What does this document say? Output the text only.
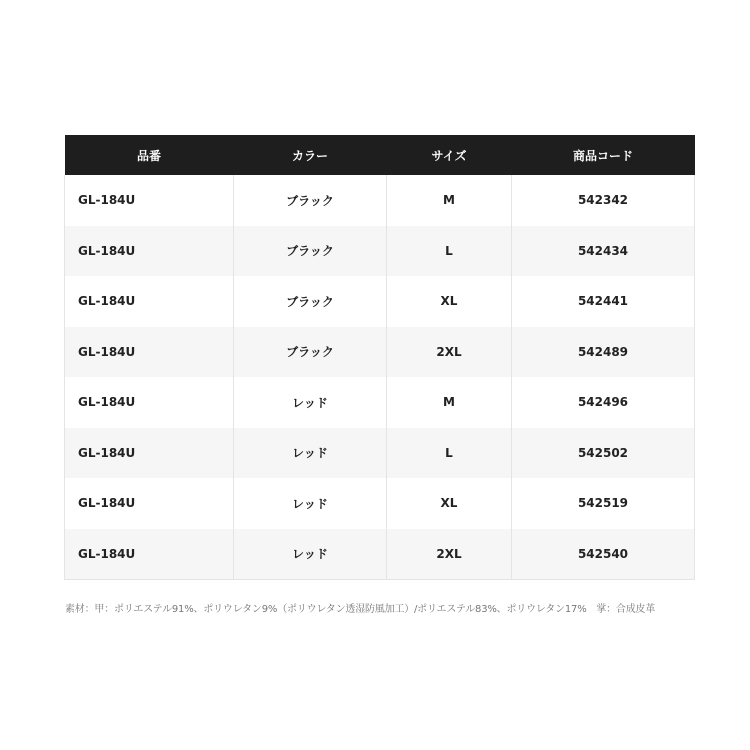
品番	カラー	サイズ	商品コード
GL-184U	ブラック	M	542342
GL-184U	ブラック	L	542434
GL-184U	ブラック	XL	542441
GL-184U	ブラック	2XL	542489
GL-184U	レッド	M	542496
GL-184U	レッド	L	542502
GL-184U	レッド	XL	542519
GL-184U	レッド	2XL	542540
素材：甲：ポリエステル91%、ポリウレタン9%（ポリウレタン透湿防風加工）/ポリエステル83%、ポリウレタン17%　掌：合成皮革
